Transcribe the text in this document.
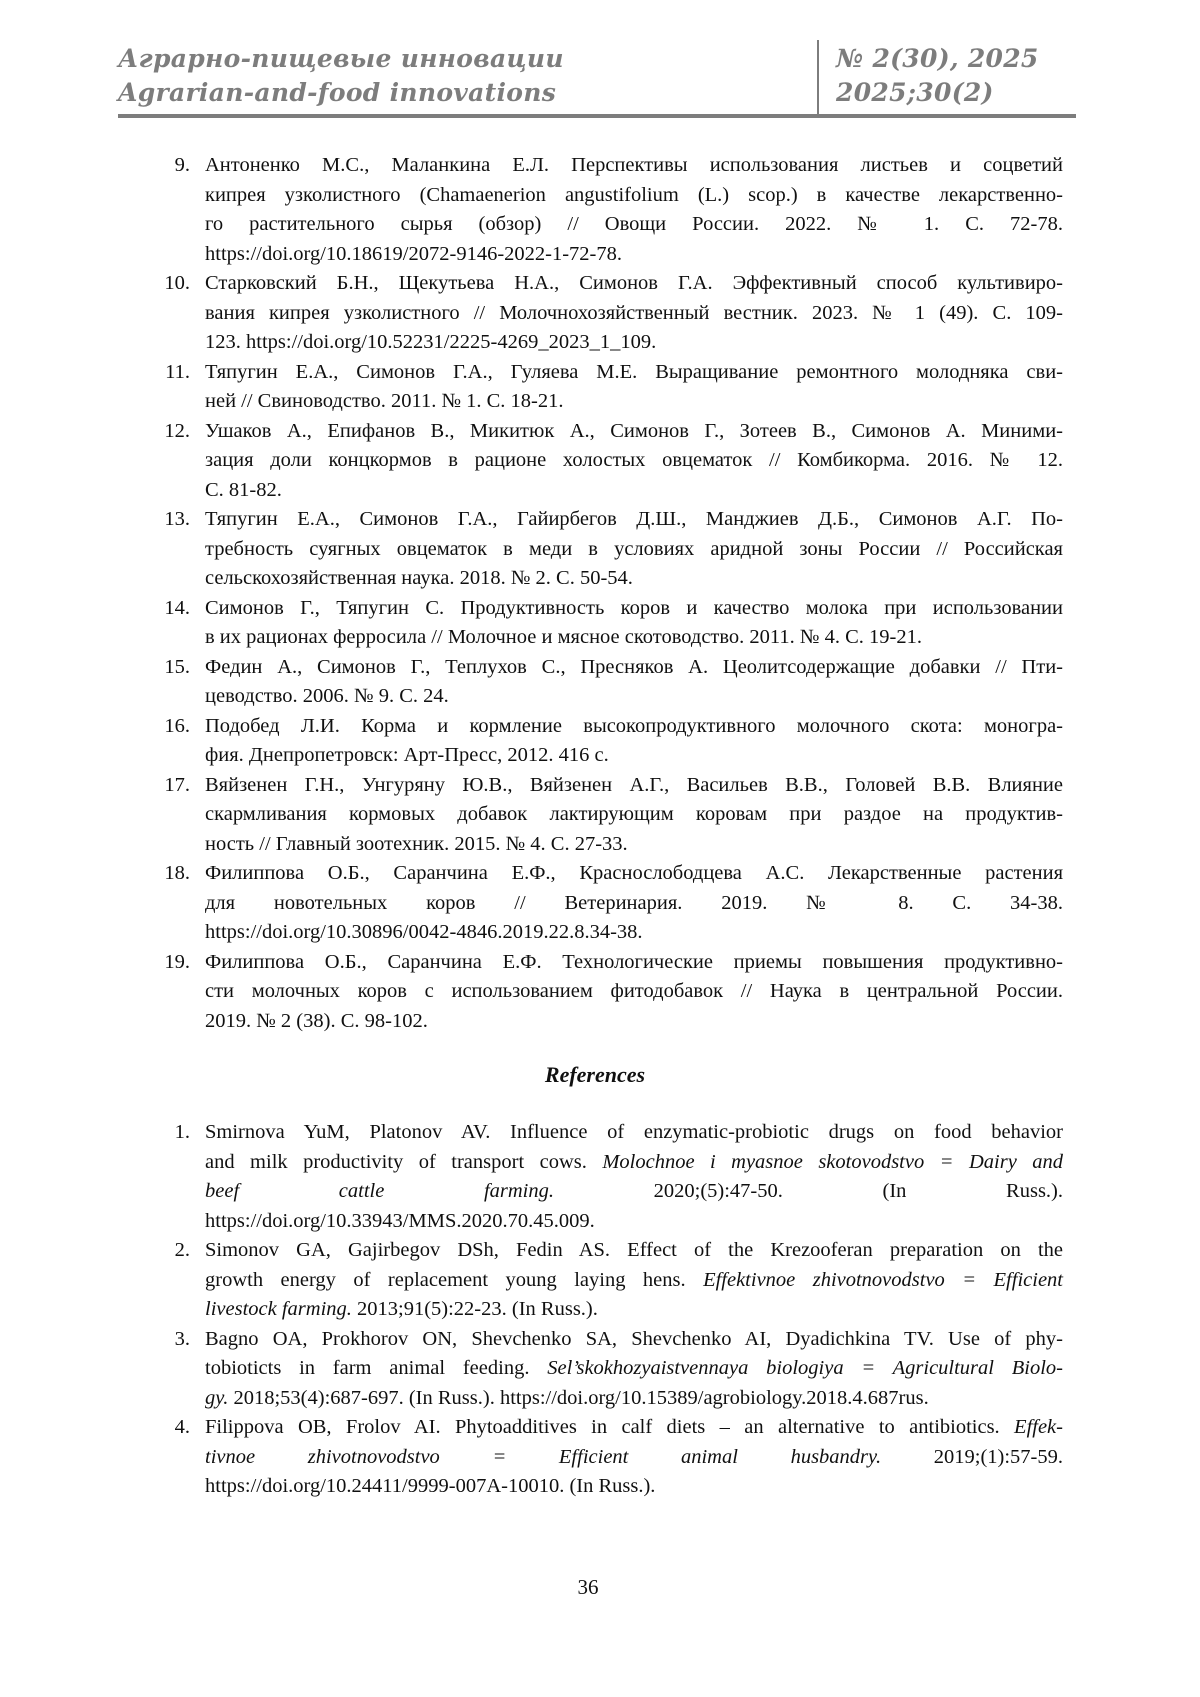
Аграрно-пищевые инновации
Agrarian-and-food innovations
№ 2(30), 2025
2025;30(2)
9. Антоненко М.С., Маланкина Е.Л. Перспективы использования листьев и соцветий
кипрея узколистного (Chamaenerion angustifolium (L.) scop.) в качестве лекарственно-
го растительного сырья (обзор) // Овощи России. 2022. № 1. С. 72-78.
https://doi.org/10.18619/2072-9146-2022-1-72-78.
10. Старковский Б.Н., Щекутьева Н.А., Симонов Г.А. Эффективный способ культивиро-
вания кипрея узколистного // Молочнохозяйственный вестник. 2023. № 1 (49). С. 109-
123. https://doi.org/10.52231/2225-4269_2023_1_109.
11. Тяпугин Е.А., Симонов Г.А., Гуляева М.Е. Выращивание ремонтного молодняка сви-
ней // Свиноводство. 2011. № 1. С. 18-21.
12. Ушаков А., Епифанов В., Микитюк А., Симонов Г., Зотеев В., Симонов А. Миними-
зация доли концкормов в рационе холостых овцематок // Комбикорма. 2016. № 12.
С. 81-82.
13. Тяпугин Е.А., Симонов Г.А., Гайирбегов Д.Ш., Манджиев Д.Б., Симонов А.Г. По-
требность суягных овцематок в меди в условиях аридной зоны России // Российская
сельскохозяйственная наука. 2018. № 2. С. 50-54.
14. Симонов Г., Тяпугин С. Продуктивность коров и качество молока при использовании
в их рационах ферросила // Молочное и мясное скотоводство. 2011. № 4. С. 19-21.
15. Федин А., Симонов Г., Теплухов С., Пресняков А. Цеолитсодержащие добавки // Пти-
цеводство. 2006. № 9. С. 24.
16. Подобед Л.И. Корма и кормление высокопродуктивного молочного скота: моногра-
фия. Днепропетровск: Арт-Пресс, 2012. 416 с.
17. Вяйзенен Г.Н., Унгуряну Ю.В., Вяйзенен А.Г., Васильев В.В., Головей В.В. Влияние
скармливания кормовых добавок лактирующим коровам при раздое на продуктив-
ность // Главный зоотехник. 2015. № 4. С. 27-33.
18. Филиппова О.Б., Саранчина Е.Ф., Краснослободцева А.С. Лекарственные растения
для новотельных коров // Ветеринария. 2019. № 8. С. 34-38.
https://doi.org/10.30896/0042-4846.2019.22.8.34-38.
19. Филиппова О.Б., Саранчина Е.Ф. Технологические приемы повышения продуктивно-
сти молочных коров с использованием фитодобавок // Наука в центральной России.
2019. № 2 (38). С. 98-102.
References
1. Smirnova YuM, Platonov AV. Influence of enzymatic-probiotic drugs on food behavior
and milk productivity of transport cows. Molochnoe i myasnoe skotovodstvo = Dairy and
beef cattle farming. 2020;(5):47-50. (In Russ.).
https://doi.org/10.33943/MMS.2020.70.45.009.
2. Simonov GA, Gajirbegov DSh, Fedin AS. Effect of the Krezooferan preparation on the
growth energy of replacement young laying hens. Effektivnoe zhivotnovodstvo = Efficient
livestock farming. 2013;91(5):22-23. (In Russ.).
3. Bagno OA, Prokhorov ON, Shevchenko SA, Shevchenko AI, Dyadichkina TV. Use of phy-
tobioticts in farm animal feeding. Sel’skokhozyaistvennaya biologiya = Agricultural Biolo-
gy. 2018;53(4):687-697. (In Russ.). https://doi.org/10.15389/agrobiology.2018.4.687rus.
4. Filippova OB, Frolov AI. Phytoadditives in calf diets – an alternative to antibiotics. Effek-
tivnoe zhivotnovodstvo = Efficient animal husbandry. 2019;(1):57-59.
https://doi.org/10.24411/9999-007A-10010. (In Russ.).
36
